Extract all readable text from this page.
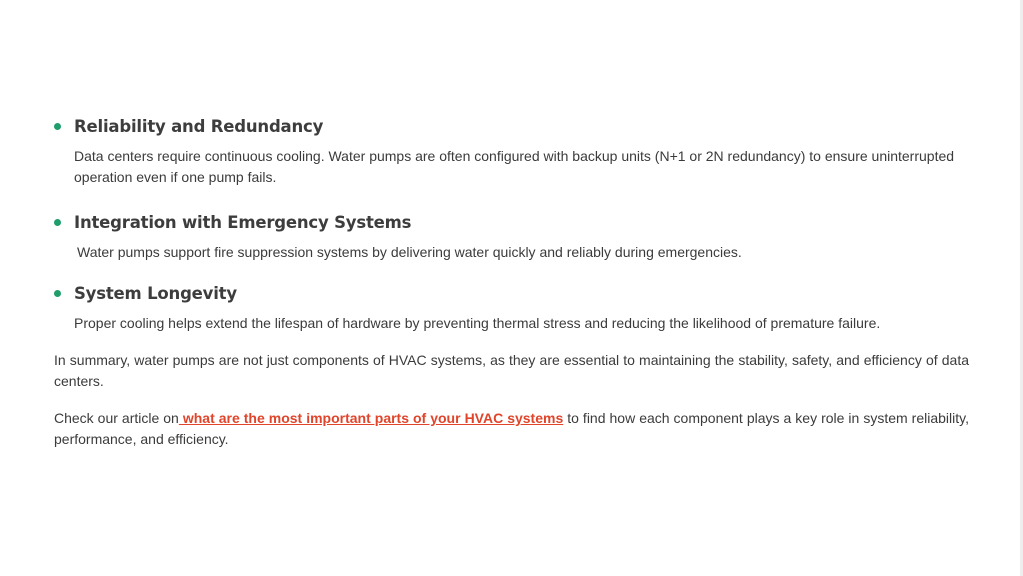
Reliability and Redundancy

Data centers require continuous cooling. Water pumps are often configured with backup units (N+1 or 2N redundancy) to ensure uninterrupted operation even if one pump fails.

Integration with Emergency Systems

Water pumps support fire suppression systems by delivering water quickly and reliably during emergencies.

System Longevity

Proper cooling helps extend the lifespan of hardware by preventing thermal stress and reducing the likelihood of premature failure.

In summary, water pumps are not just components of HVAC systems, as they are essential to maintaining the stability, safety, and efficiency of data centers.

Check our article on what are the most important parts of your HVAC systems to find how each component plays a key role in system reliability, performance, and efficiency.
